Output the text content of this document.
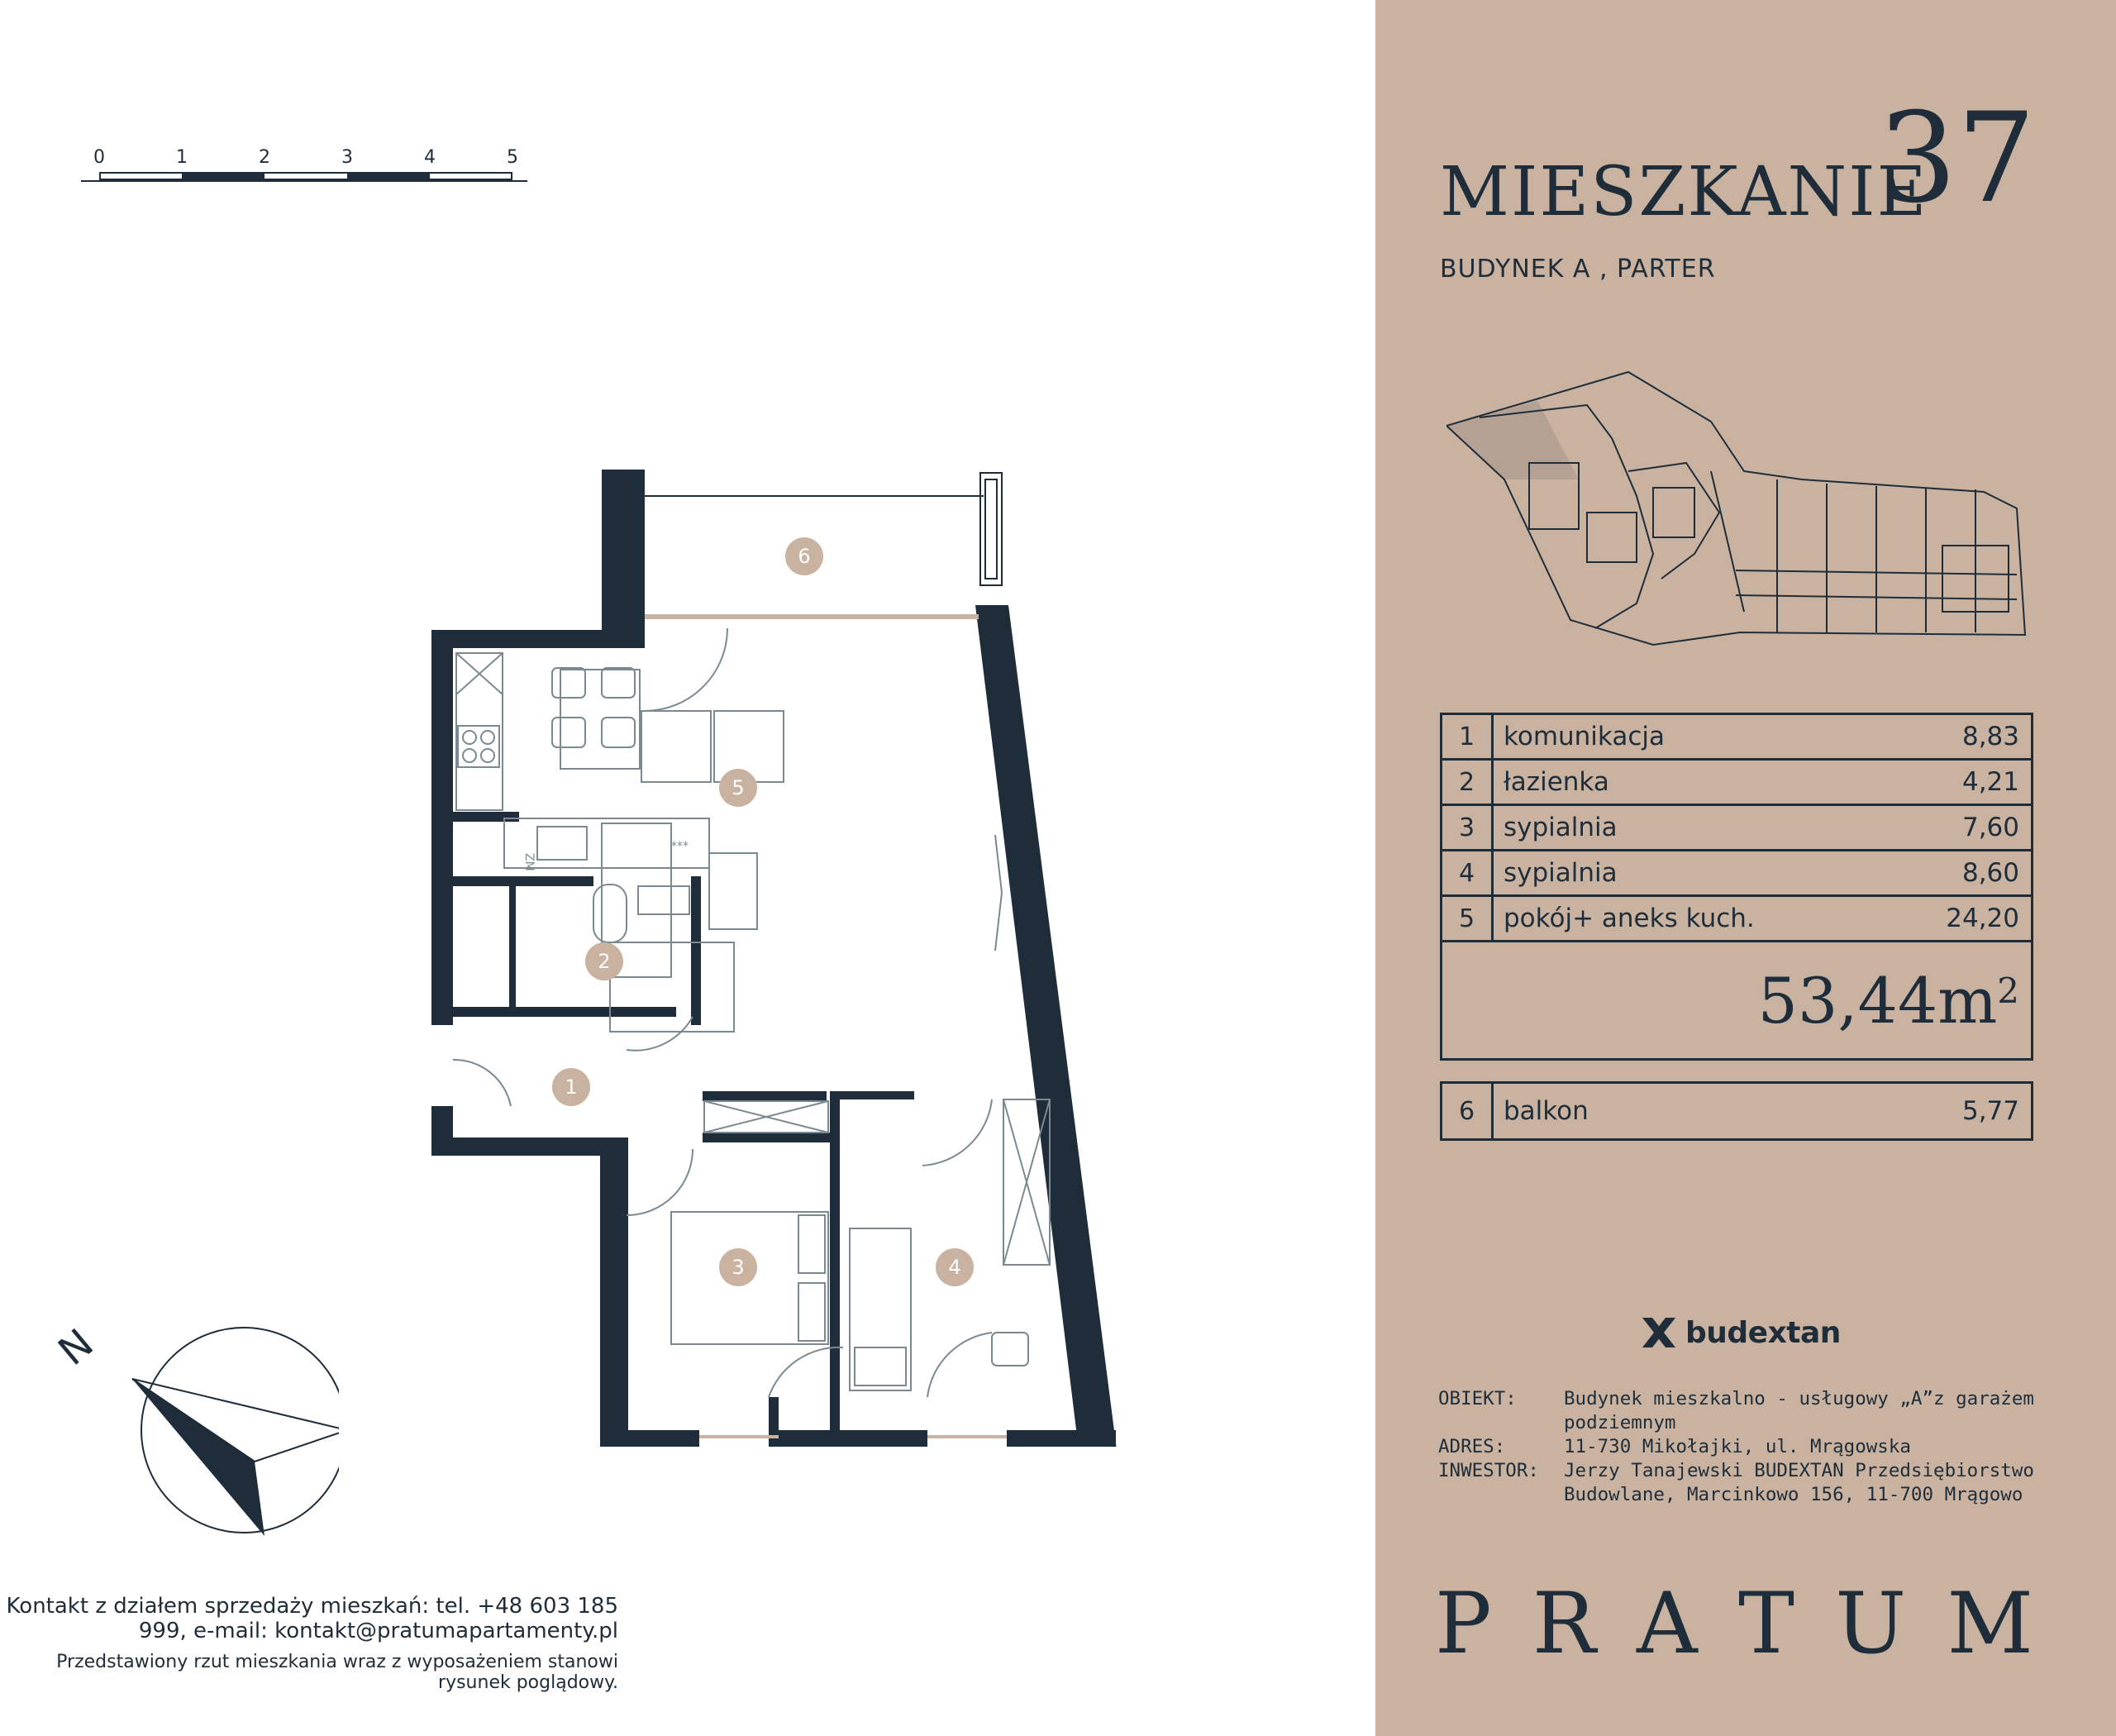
0	1	2	3	4	5
ZM
***
1
2
3	4
5
6
N
Kontakt z działem sprzedaży mieszkań: tel. +48 603 185 999, e-mail: kontakt@pratumapartamenty.pl
Przedstawiony rzut mieszkania wraz z wyposażeniem stanowi rysunek poglądowy.
MIESZKANIE
37
BUDYNEK A , PARTER
1	komunikacja	8,83
2	łazienka	4,21
3	sypialnia	7,60
4	sypialnia	8,60
5	pokój+ aneks kuch.	24,20
$53,44m^2$
6	balkon	5,77
budextan
OBIEKT:	Budynek mieszkalno - usługowy „A”z garażem podziemnym
ADRES:	11-730 Mikołajki, ul. Mrągowska
INWESTOR:	Jerzy Tanajewski BUDEXTAN Przedsiębiorstwo Budowlane, Marcinkowo 156, 11-700 Mrągowo
P R A T U M
